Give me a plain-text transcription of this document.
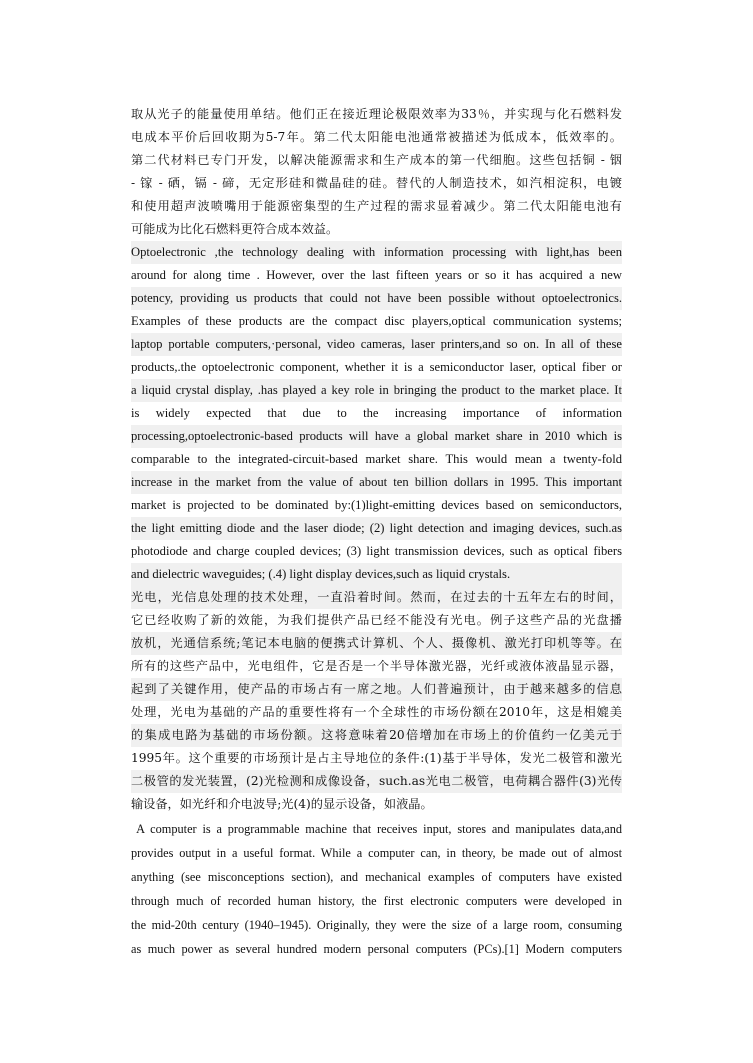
取从光子的能量使用单结。他们正在接近理论极限效率为33％，并实现与化石燃料发
电成本平价后回收期为5-7年。第二代太阳能电池通常被描述为低成本，低效率的。
第二代材料已专门开发，以解决能源需求和生产成本的第一代细胞。这些包括铜 - 铟
- 镓 - 硒，镉 - 碲，无定形硅和微晶硅的硅。替代的人制造技术，如汽相淀积，电镀
和使用超声波喷嘴用于能源密集型的生产过程的需求显着减少。第二代太阳能电池有
可能成为比化石燃料更符合成本效益。
Optoelectronic ,the technology dealing with information processing with light,has been
around for along time . However, over the last fifteen years or so it has acquired a new
potency, providing us products that could not have been possible without optoelectronics.
Examples of these products are the compact disc players,optical communication systems;
laptop portable computers,·personal, video cameras, laser printers,and so on. In all of these
products,.the optoelectronic component, whether it is a semiconductor laser, optical fiber or
a liquid crystal display, .has played a key role in bringing the product to the market place. It
is widely expected that due to the increasing importance of information
processing,optoelectronic-based products will have a global market share in 2010 which is
comparable to the integrated-circuit-based market share. This would mean a twenty-fold
increase in the market from the value of about ten billion dollars in 1995. This important
market is projected to be dominated by:(1)light-emitting devices based on semiconductors,
the light emitting diode and the laser diode; (2) light detection and imaging devices, such.as
photodiode and charge coupled devices; (3) light transmission devices, such as optical fibers
and dielectric waveguides; (.4) light display devices,such as liquid crystals.
光电，光信息处理的技术处理，一直沿着时间。然而，在过去的十五年左右的时间，
它已经收购了新的效能，为我们提供产品已经不能没有光电。例子这些产品的光盘播
放机，光通信系统;笔记本电脑的便携式计算机、个人、摄像机、激光打印机等等。在
所有的这些产品中，光电组件，它是否是一个半导体激光器，光纤或液体液晶显示器，
起到了关键作用，使产品的市场占有一席之地。人们普遍预计，由于越来越多的信息
处理，光电为基础的产品的重要性将有一个全球性的市场份额在2010年，这是相媲美
的集成电路为基础的市场份额。这将意味着20倍增加在市场上的价值约一亿美元于
1995年。这个重要的市场预计是占主导地位的条件:(1)基于半导体，发光二极管和激光
二极管的发光装置，(2)光检测和成像设备，such.as光电二极管，电荷耦合器件(3)光传
输设备，如光纤和介电波导;光(4)的显示设备，如液晶。
A computer is a programmable machine that receives input, stores and manipulates data,and
provides output in a useful format. While a computer can, in theory, be made out of almost
anything (see misconceptions section), and mechanical examples of computers have existed
through much of recorded human history, the first electronic computers were developed in
the mid-20th century (1940–1945). Originally, they were the size of a large room, consuming
as much power as several hundred modern personal computers (PCs).[1] Modern computers
